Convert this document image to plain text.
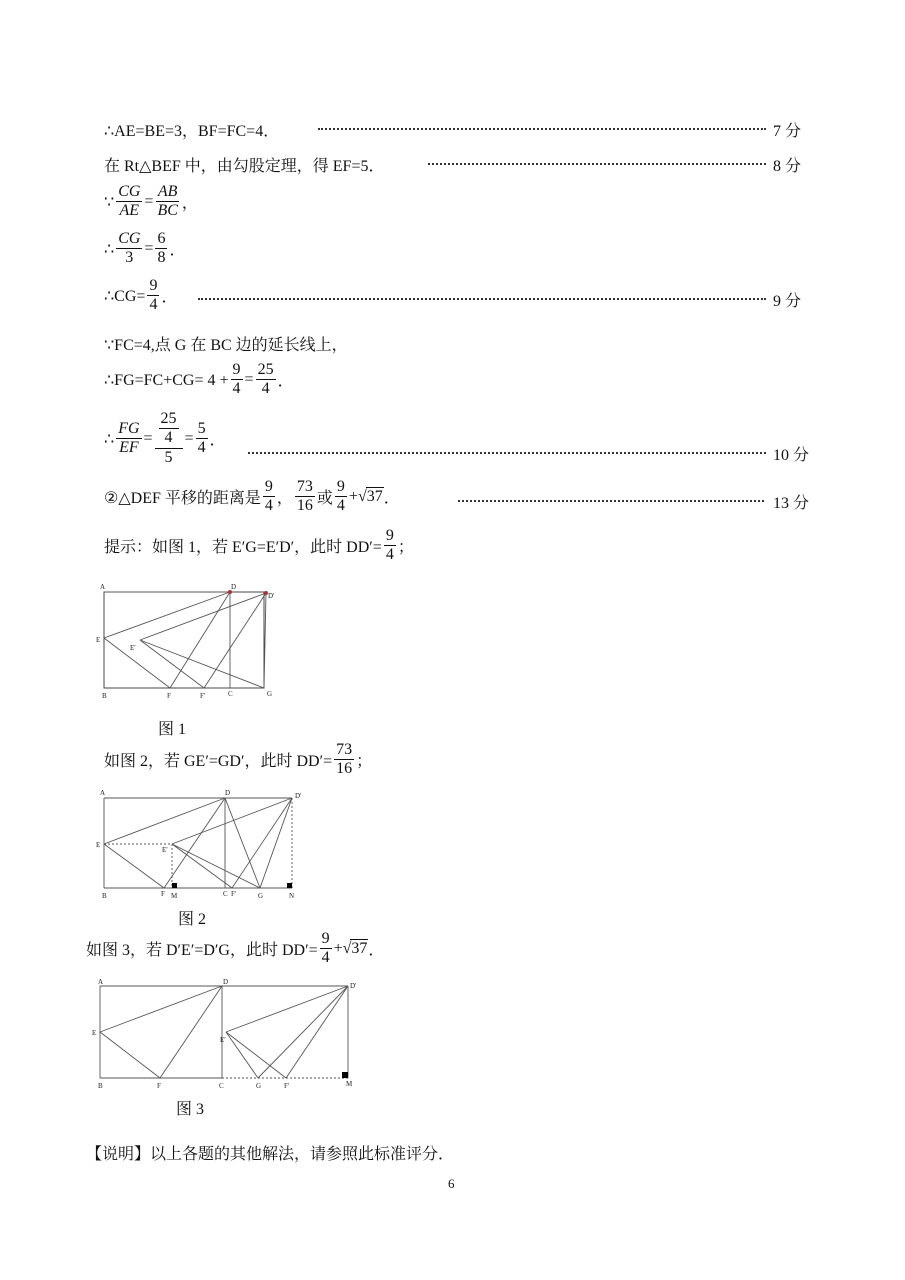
∴AE=BE=3，BF=FC=4．	7 分
在 Rt△BEF 中，由勾股定理，得 EF=5．	8 分
∵ $\frac{CG}{AE} = \frac{AB}{BC}$ ，
∴ $\frac{CG}{3} = \frac{6}{8}$ ．
∴CG= $\frac{9}{4}$ ．	9 分
∵FC=4,点 G 在 BC 边的延长线上，
∴FG=FC+CG= $4 + \frac{9}{4} = \frac{25}{4}$ ．
∴ $\frac{FG}{EF} = \frac{\frac{25}{4}}{5} = \frac{5}{4}$ ．
10 分
②△DEF 平移的距离是 $\frac{9}{4}$ ， $\frac{73}{16}$ 或 $\frac{9}{4}$ + √ 37 ．	13 分
提示：如图 1，若 E′G=E′D′，此时 $DD'= \frac{9}{4}$ ；
A	D
D′
E
E′
B	F	F′	C	G
图 1
如图 2，若 GE′=GD′，此时 $DD'= \frac{73}{16}$ ；
A	D	D′
E
E′
B	F M	C F′	G	N
图 2
如图 3，若 D′E′=D′G，此时 $DD'= \frac{9}{4}$ + √ 37 ．
A	D	D′
E
E′
B	F	C	G	F′	M
图 3
【说明】以上各题的其他解法，请参照此标准评分．
6
